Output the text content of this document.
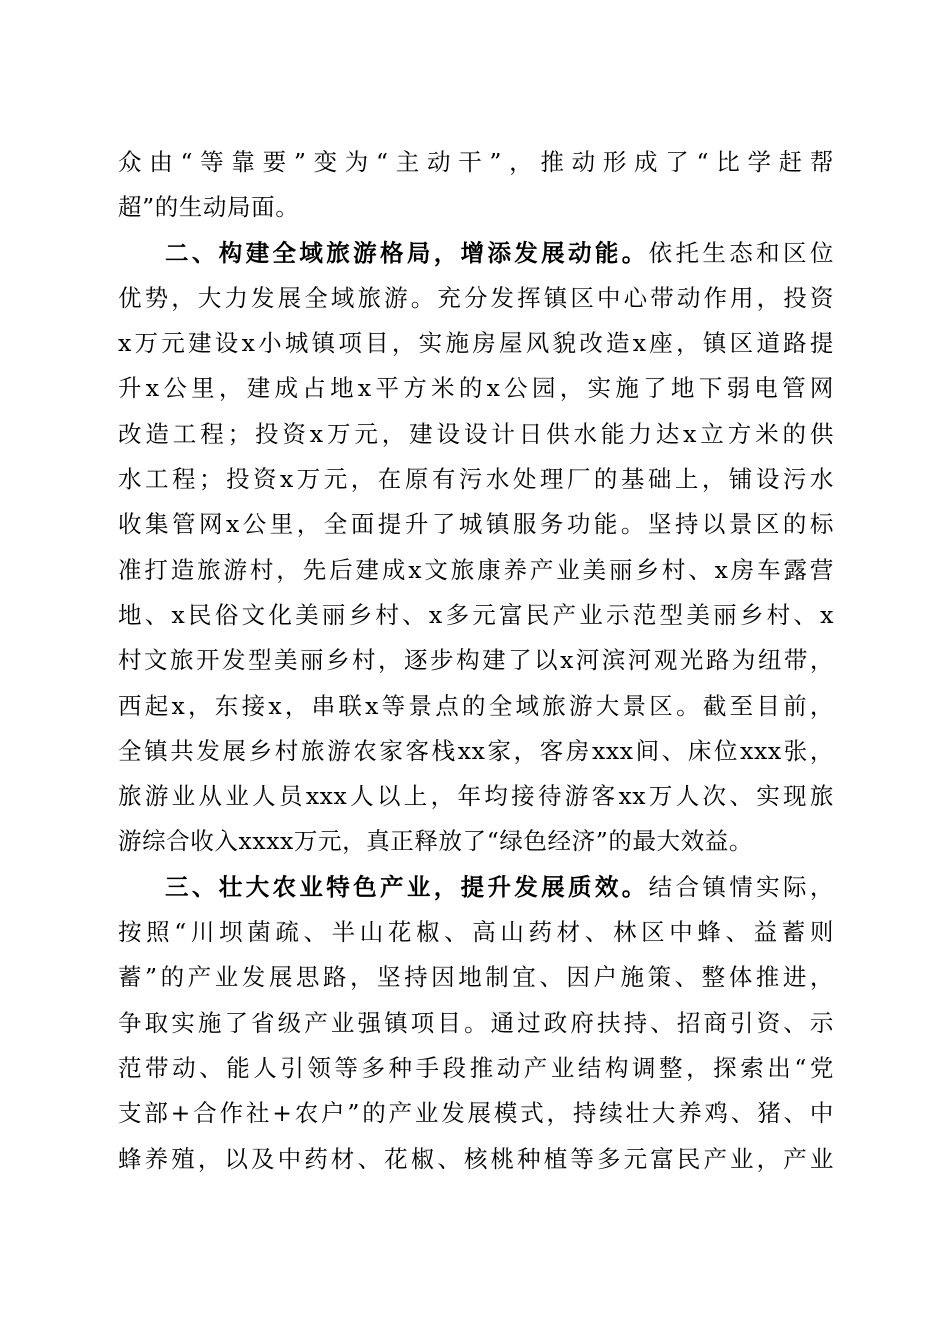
众由“等靠要”变为“主动干”，推动形成了“比学赶帮
超”的生动局面。

二、构建全域旅游格局，增添发展动能。依托生态和区位
优势，大力发展全域旅游。充分发挥镇区中心带动作用，投资
x万元建设x小城镇项目，实施房屋风貌改造x座，镇区道路提
升x公里，建成占地x平方米的x公园，实施了地下弱电管网
改造工程；投资x万元，建设设计日供水能力达x立方米的供
水工程；投资x万元，在原有污水处理厂的基础上，铺设污水
收集管网x公里，全面提升了城镇服务功能。坚持以景区的标
准打造旅游村，先后建成x文旅康养产业美丽乡村、x房车露营
地、x民俗文化美丽乡村、x多元富民产业示范型美丽乡村、x
村文旅开发型美丽乡村，逐步构建了以x河滨河观光路为纽带，
西起x，东接x，串联x等景点的全域旅游大景区。截至目前，
全镇共发展乡村旅游农家客栈xx家，客房xxx间、床位xxx张，
旅游业从业人员xxx人以上，年均接待游客xx万人次、实现旅
游综合收入xxxx万元，真正释放了“绿色经济”的最大效益。

三、壮大农业特色产业，提升发展质效。结合镇情实际，
按照“川坝菌疏、半山花椒、高山药材、林区中蜂、益蓄则
蓄”的产业发展思路，坚持因地制宜、因户施策、整体推进，
争取实施了省级产业强镇项目。通过政府扶持、招商引资、示
范带动、能人引领等多种手段推动产业结构调整，探索出“党
支部+合作社+农户”的产业发展模式，持续壮大养鸡、猪、中
蜂养殖，以及中药材、花椒、核桃种植等多元富民产业，产业
